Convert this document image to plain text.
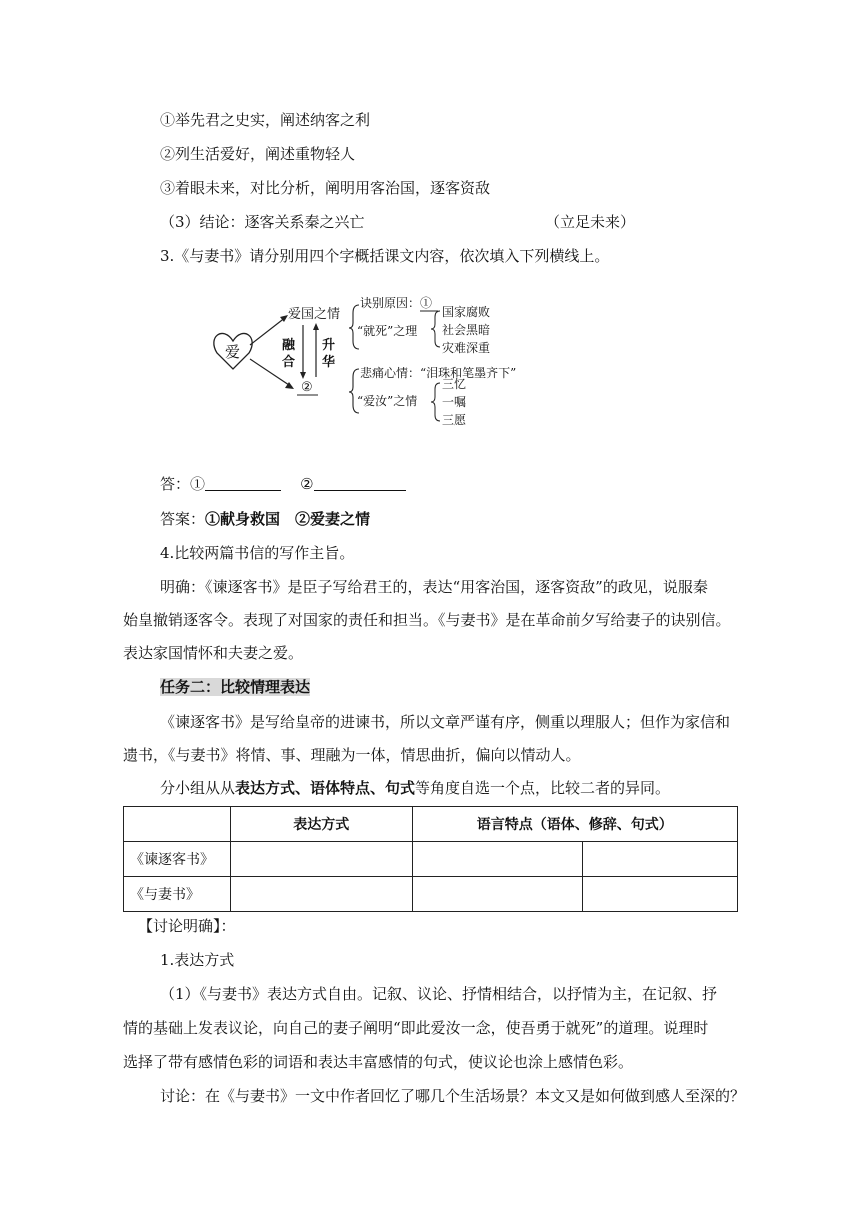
①举先君之史实，阐述纳客之利
②列生活爱好，阐述重物轻人
③着眼未来，对比分析，阐明用客治国，逐客资敌
（3）结论：逐客关系秦之兴亡	（立足未来）
3.《与妻书》请分别用四个字概括课文内容，依次填入下列横线上。
爱
爱国之情
融
合
升
华
②
诀别原因：①
“就死”之理
国家腐败
社会黑暗
灾难深重
悲痛心情：“泪珠和笔墨齐下”
“爱汝”之情
三忆
一嘱
三愿
答：①	②
答案：①献身救国　②爱妻之情
4.比较两篇书信的写作主旨。
明确：《谏逐客书》是臣子写给君王的，表达“用客治国，逐客资敌”的政见，说服秦
始皇撤销逐客令。表现了对国家的责任和担当。《与妻书》是在革命前夕写给妻子的诀别信。
表达家国情怀和夫妻之爱。
任务二：比较情理表达
《谏逐客书》是写给皇帝的进谏书，所以文章严谨有序，侧重以理服人；但作为家信和
遗书，《与妻书》将情、事、理融为一体，情思曲折，偏向以情动人。
分小组从从表达方式、语体特点、句式等角度自选一个点，比较二者的异同。
	表达方式	语言特点（语体、修辞、句式）	
《谏逐客书》			
《与妻书》			
【讨论明确】：
1.表达方式
（1）《与妻书》表达方式自由。记叙、议论、抒情相结合，以抒情为主，在记叙、抒
情的基础上发表议论，向自己的妻子阐明“即此爱汝一念，使吾勇于就死”的道理。说理时
选择了带有感情色彩的词语和表达丰富感情的句式，使议论也涂上感情色彩。
讨论：在《与妻书》一文中作者回忆了哪几个生活场景？本文又是如何做到感人至深的？
